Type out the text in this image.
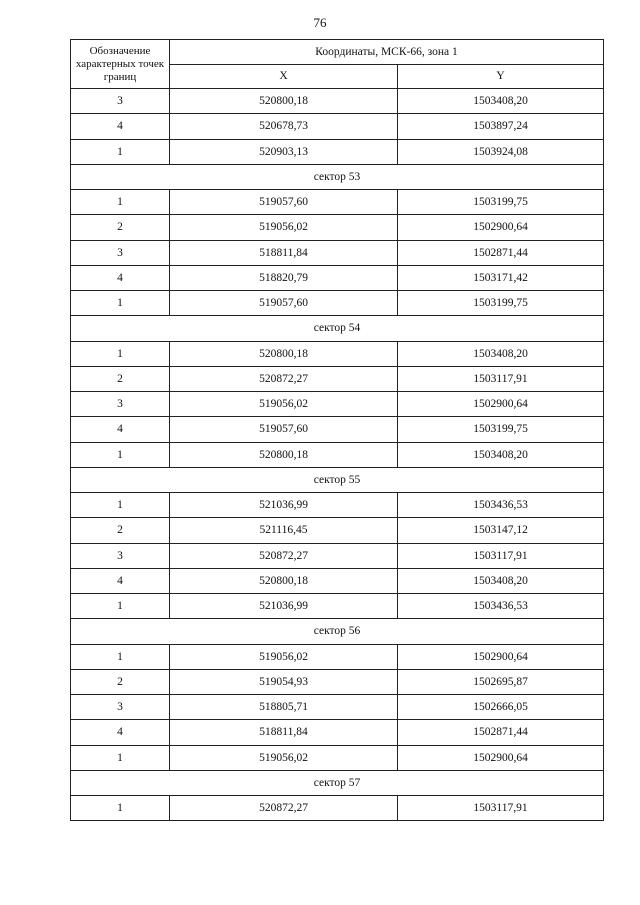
76
Обозначение характерных точек границ	Координаты, МСК-66, зона 1	
	X	Y
3	520800,18	1503408,20
4	520678,73	1503897,24
1	520903,13	1503924,08
сектор 53		
1	519057,60	1503199,75
2	519056,02	1502900,64
3	518811,84	1502871,44
4	518820,79	1503171,42
1	519057,60	1503199,75
сектор 54		
1	520800,18	1503408,20
2	520872,27	1503117,91
3	519056,02	1502900,64
4	519057,60	1503199,75
1	520800,18	1503408,20
сектор 55		
1	521036,99	1503436,53
2	521116,45	1503147,12
3	520872,27	1503117,91
4	520800,18	1503408,20
1	521036,99	1503436,53
сектор 56		
1	519056,02	1502900,64
2	519054,93	1502695,87
3	518805,71	1502666,05
4	518811,84	1502871,44
1	519056,02	1502900,64
сектор 57		
1	520872,27	1503117,91
